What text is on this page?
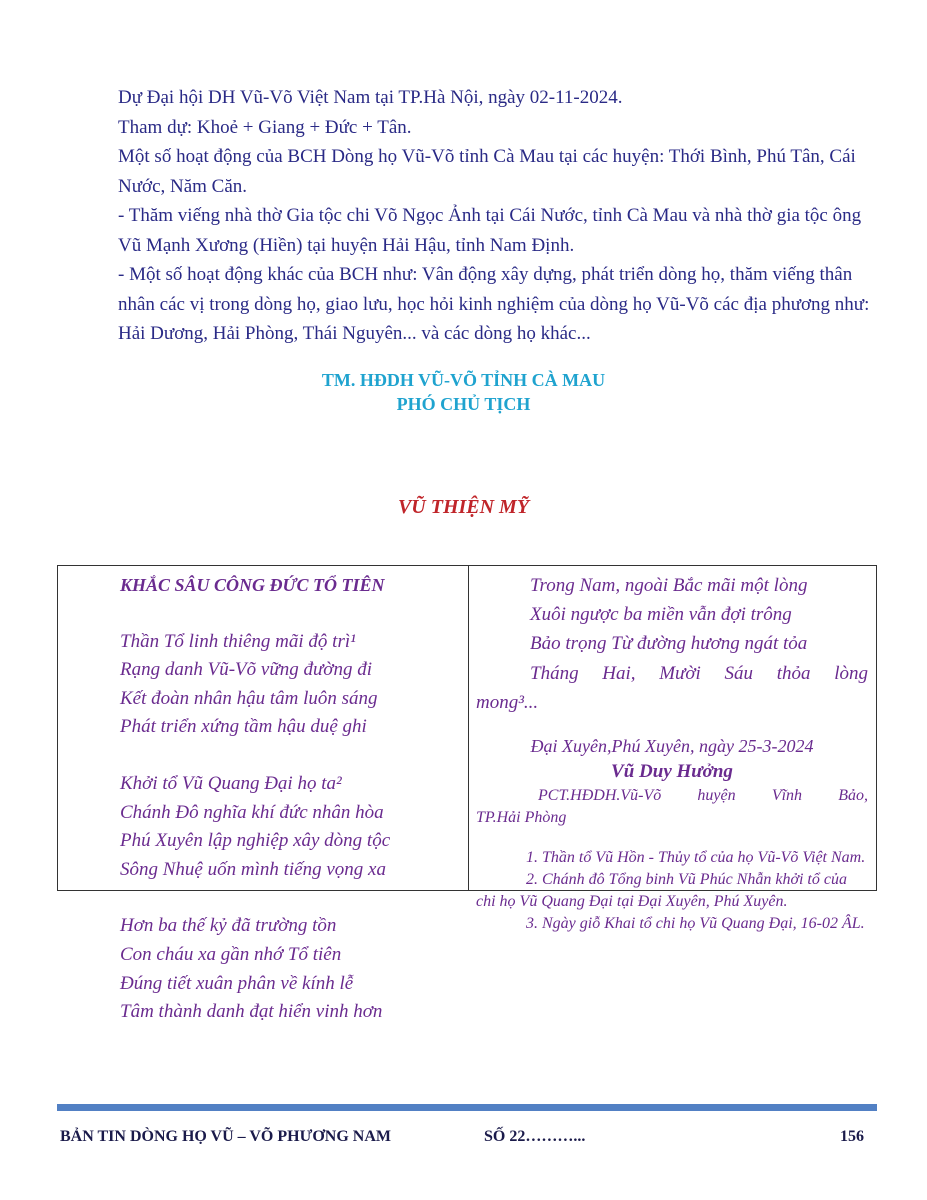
Dự Đại hội DH Vũ-Võ Việt Nam tại TP.Hà Nội, ngày 02-11-2024.

Tham dự: Khoẻ + Giang + Đức + Tân.

Một số hoạt động của BCH Dòng họ Vũ-Võ tỉnh Cà Mau tại các huyện: Thới Bình, Phú Tân, Cái Nước, Năm Căn.

- Thăm viếng nhà thờ Gia tộc chi Võ Ngọc Ảnh tại Cái Nước, tỉnh Cà Mau và nhà thờ gia tộc ông Vũ Mạnh Xương (Hiền) tại huyện Hải Hậu, tỉnh Nam Định.

- Một số hoạt động khác của BCH như: Vân động xây dựng, phát triển dòng họ, thăm viếng thân nhân các vị trong dòng họ, giao lưu, học hỏi kinh nghiệm của dòng họ Vũ-Võ các địa phương như: Hải Dương, Hải Phòng, Thái Nguyên... và các dòng họ khác...

TM. HĐDH VŨ-VÕ TỈNH CÀ MAU
PHÓ CHỦ TỊCH
VŨ THIỆN MỸ
KHẮC SÂU CÔNG ĐỨC TỔ TIÊN
Thần Tổ linh thiêng mãi độ trì¹
Rạng danh Vũ-Võ vững đường đi
Kết đoàn nhân hậu tâm luôn sáng
Phát triển xứng tầm hậu duệ ghi
Khởi tổ Vũ Quang Đại họ ta²
Chánh Đô nghĩa khí đức nhân hòa
Phú Xuyên lập nghiệp xây dòng tộc
Sông Nhuệ uốn mình tiếng vọng xa
Hơn ba thế kỷ đã trường tồn
Con cháu xa gần nhớ Tổ tiên
Đúng tiết xuân phân về kính lễ
Tâm thành danh đạt hiển vinh hơn
Trong Nam, ngoài Bắc mãi một lòng
Xuôi ngược ba miền vẫn đợi trông
Bảo trọng Từ đường hương ngát tỏa
Tháng Hai, Mười Sáu thỏa lòng
mong³...
Đại Xuyên,Phú Xuyên, ngày 25-3-2024
Vũ Duy Hưởng
PCT.HĐDH.Vũ-Võ huyện Vĩnh Bảo,
TP.Hải Phòng
1. Thần tổ Vũ Hồn - Thủy tổ của họ Vũ-Võ Việt Nam.
2. Chánh đô Tổng binh Vũ Phúc Nhẫn khởi tổ của chi họ Vũ Quang Đại tại Đại Xuyên, Phú Xuyên.
3. Ngày giỗ Khai tổ chi họ Vũ Quang Đại, 16-02 ÂL.
BẢN TIN DÒNG HỌ VŨ – VÕ PHƯƠNG NAM	SỐ 22………...	156
